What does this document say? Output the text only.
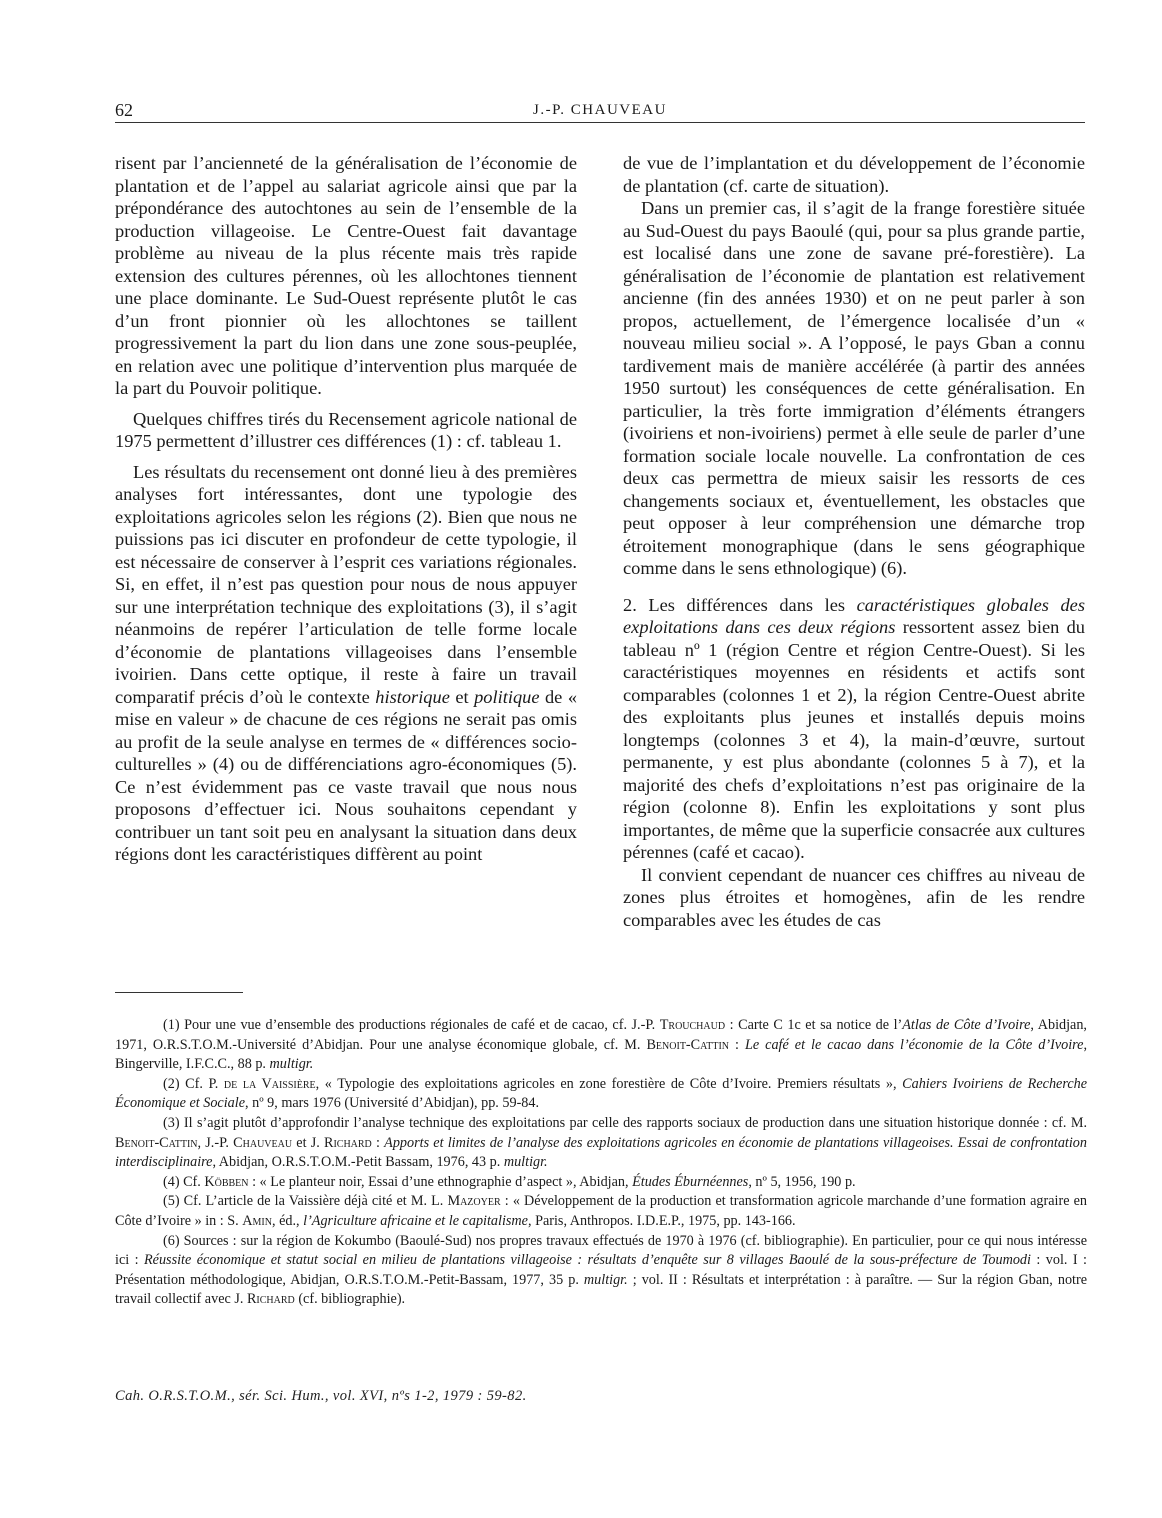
62	J.-P. CHAUVEAU

risent par l’ancienneté de la généralisation de l’économie de plantation et de l’appel au salariat agricole ainsi que par la prépondérance des autochtones au sein de l’ensemble de la production villageoise. Le Centre-Ouest fait davantage problème au niveau de la plus récente mais très rapide extension des cultures pérennes, où les allochtones tiennent une place dominante. Le Sud-Ouest représente plutôt le cas d’un front pionnier où les allochtones se taillent progressivement la part du lion dans une zone sous-peuplée, en relation avec une politique d’intervention plus marquée de la part du Pouvoir politique.

Quelques chiffres tirés du Recensement agricole national de 1975 permettent d’illustrer ces différences (1) : cf. tableau 1.

Les résultats du recensement ont donné lieu à des premières analyses fort intéressantes, dont une typologie des exploitations agricoles selon les régions (2). Bien que nous ne puissions pas ici discuter en profondeur de cette typologie, il est nécessaire de conserver à l’esprit ces variations régionales. Si, en effet, il n’est pas question pour nous de nous appuyer sur une interprétation technique des exploitations (3), il s’agit néanmoins de repérer l’articulation de telle forme locale d’économie de plantations villageoises dans l’ensemble ivoirien. Dans cette optique, il reste à faire un travail comparatif précis d’où le contexte historique et politique de « mise en valeur » de chacune de ces régions ne serait pas omis au profit de la seule analyse en termes de « différences socio-culturelles » (4) ou de différenciations agro-économiques (5). Ce n’est évidemment pas ce vaste travail que nous nous proposons d’effectuer ici. Nous souhaitons cependant y contribuer un tant soit peu en analysant la situation dans deux régions dont les caractéristiques diffèrent au point

de vue de l’implantation et du développement de l’économie de plantation (cf. carte de situation).

Dans un premier cas, il s’agit de la frange forestière située au Sud-Ouest du pays Baoulé (qui, pour sa plus grande partie, est localisé dans une zone de savane pré-forestière). La généralisation de l’économie de plantation est relativement ancienne (fin des années 1930) et on ne peut parler à son propos, actuellement, de l’émergence localisée d’un « nouveau milieu social ». A l’opposé, le pays Gban a connu tardivement mais de manière accélérée (à partir des années 1950 surtout) les conséquences de cette généralisation. En particulier, la très forte immigration d’éléments étrangers (ivoiriens et non-ivoiriens) permet à elle seule de parler d’une formation sociale locale nouvelle. La confrontation de ces deux cas permettra de mieux saisir les ressorts de ces changements sociaux et, éventuellement, les obstacles que peut opposer à leur compréhension une démarche trop étroitement monographique (dans le sens géographique comme dans le sens ethnologique) (6).

2. Les différences dans les caractéristiques globales des exploitations dans ces deux régions ressortent assez bien du tableau nº 1 (région Centre et région Centre-Ouest). Si les caractéristiques moyennes en résidents et actifs sont comparables (colonnes 1 et 2), la région Centre-Ouest abrite des exploitants plus jeunes et installés depuis moins longtemps (colonnes 3 et 4), la main-d’œuvre, surtout permanente, y est plus abondante (colonnes 5 à 7), et la majorité des chefs d’exploitations n’est pas originaire de la région (colonne 8). Enfin les exploitations y sont plus importantes, de même que la superficie consacrée aux cultures pérennes (café et cacao).

Il convient cependant de nuancer ces chiffres au niveau de zones plus étroites et homogènes, afin de les rendre comparables avec les études de cas

(1) Pour une vue d’ensemble des productions régionales de café et de cacao, cf. J.-P. Trouchaud : Carte C 1c et sa notice de l’Atlas de Côte d’Ivoire, Abidjan, 1971, O.R.S.T.O.M.-Université d’Abidjan. Pour une analyse économique globale, cf. M. Benoit-Cattin : Le café et le cacao dans l’économie de la Côte d’Ivoire, Bingerville, I.F.C.C., 88 p. multigr.

(2) Cf. P. de la Vaissière, « Typologie des exploitations agricoles en zone forestière de Côte d’Ivoire. Premiers résultats », Cahiers Ivoiriens de Recherche Économique et Sociale, nº 9, mars 1976 (Université d’Abidjan), pp. 59-84.

(3) Il s’agit plutôt d’approfondir l’analyse technique des exploitations par celle des rapports sociaux de production dans une situation historique donnée : cf. M. Benoit-Cattin, J.-P. Chauveau et J. Richard : Apports et limites de l’analyse des exploitations agricoles en économie de plantations villageoises. Essai de confrontation interdisciplinaire, Abidjan, O.R.S.T.O.M.-Petit Bassam, 1976, 43 p. multigr.

(4) Cf. Köbben : « Le planteur noir, Essai d’une ethnographie d’aspect », Abidjan, Études Éburnéennes, nº 5, 1956, 190 p.

(5) Cf. L’article de la Vaissière déjà cité et M. L. Mazoyer : « Développement de la production et transformation agricole marchande d’une formation agraire en Côte d’Ivoire » in : S. Amin, éd., l’Agriculture africaine et le capitalisme, Paris, Anthropos. I.D.E.P., 1975, pp. 143-166.

(6) Sources : sur la région de Kokumbo (Baoulé-Sud) nos propres travaux effectués de 1970 à 1976 (cf. bibliographie). En particulier, pour ce qui nous intéresse ici : Réussite économique et statut social en milieu de plantations villageoise : résultats d’enquête sur 8 villages Baoulé de la sous-préfecture de Toumodi : vol. I : Présentation méthodologique, Abidjan, O.R.S.T.O.M.-Petit-Bassam, 1977, 35 p. multigr. ; vol. II : Résultats et interprétation : à paraître. — Sur la région Gban, notre travail collectif avec J. Richard (cf. bibliographie).

Cah. O.R.S.T.O.M., sér. Sci. Hum., vol. XVI, nºs 1-2, 1979 : 59-82.
